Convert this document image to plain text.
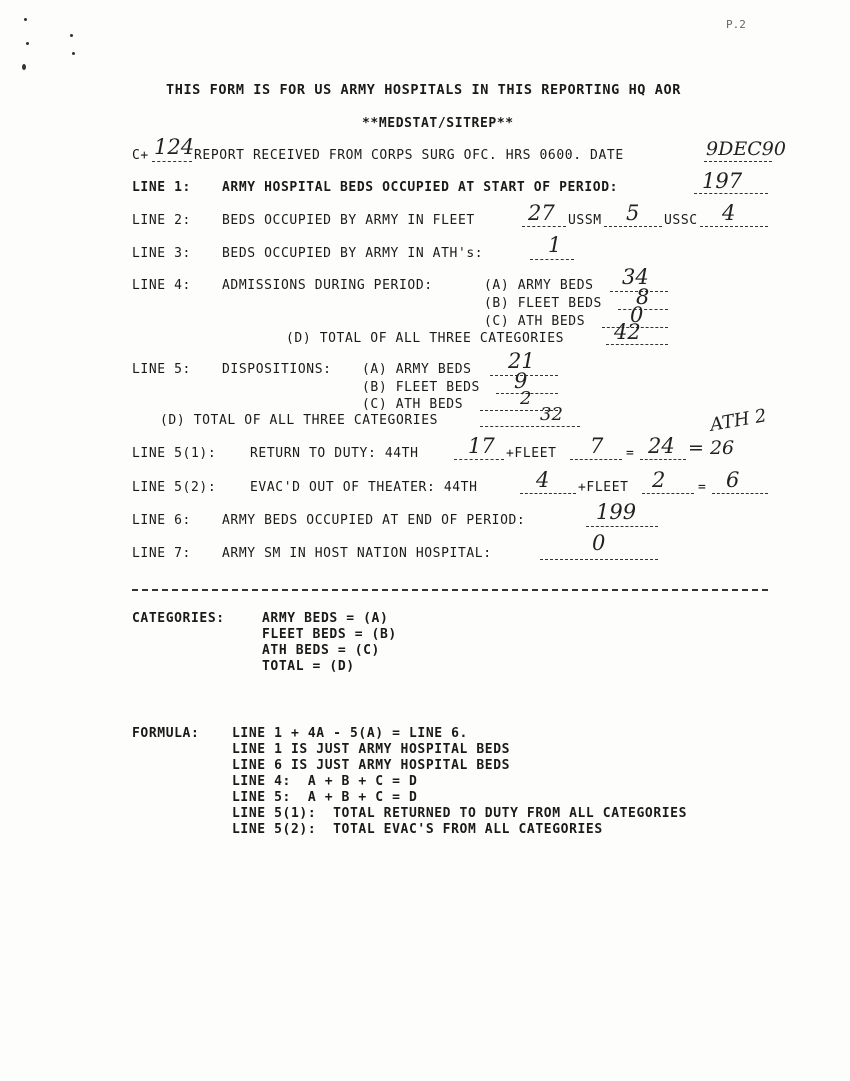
P.2
THIS FORM IS FOR US ARMY HOSPITALS IN THIS REPORTING HQ AOR
**MEDSTAT/SITREP**
C+ 124 REPORT RECEIVED FROM CORPS SURG OFC. HRS 0600. DATE	9DEC90
LINE 1: ARMY HOSPITAL BEDS OCCUPIED AT START OF PERIOD:	197
LINE 2: BEDS OCCUPIED BY ARMY IN FLEET	27 USSM 5 USSC 4
LINE 3: BEDS OCCUPIED BY ARMY IN ATH's:	1
LINE 4: ADMISSIONS DURING PERIOD:	(A) ARMY BEDS 34
(B) FLEET BEDS 8
(C) ATH BEDS 0
(D) TOTAL OF ALL THREE CATEGORIES 42
LINE 5: DISPOSITIONS: (A) ARMY BEDS 21
(B) FLEET BEDS 9
(C) ATH BEDS	2
(D) TOTAL OF ALL THREE CATEGORIES	32	ATH 2
LINE 5(1):	RETURN TO DUTY: 44TH 17 +FLEET 7 = 24 = 26
LINE 5(2):	EVAC'D OUT OF THEATER: 44TH	4 +FLEET 2	= 6
LINE 6: ARMY BEDS OCCUPIED AT END OF PERIOD:	199
LINE 7: ARMY SM IN HOST NATION HOSPITAL:	0
CATEGORIES:	ARMY BEDS = (A)
FLEET BEDS = (B)
ATH BEDS = (C)
TOTAL = (D)
FORMULA:	LINE 1 + 4A - 5(A) = LINE 6.
LINE 1 IS JUST ARMY HOSPITAL BEDS
LINE 6 IS JUST ARMY HOSPITAL BEDS
LINE 4:  A + B + C = D
LINE 5:  A + B + C = D
LINE 5(1):  TOTAL RETURNED TO DUTY FROM ALL CATEGORIES
LINE 5(2):  TOTAL EVAC'S FROM ALL CATEGORIES
